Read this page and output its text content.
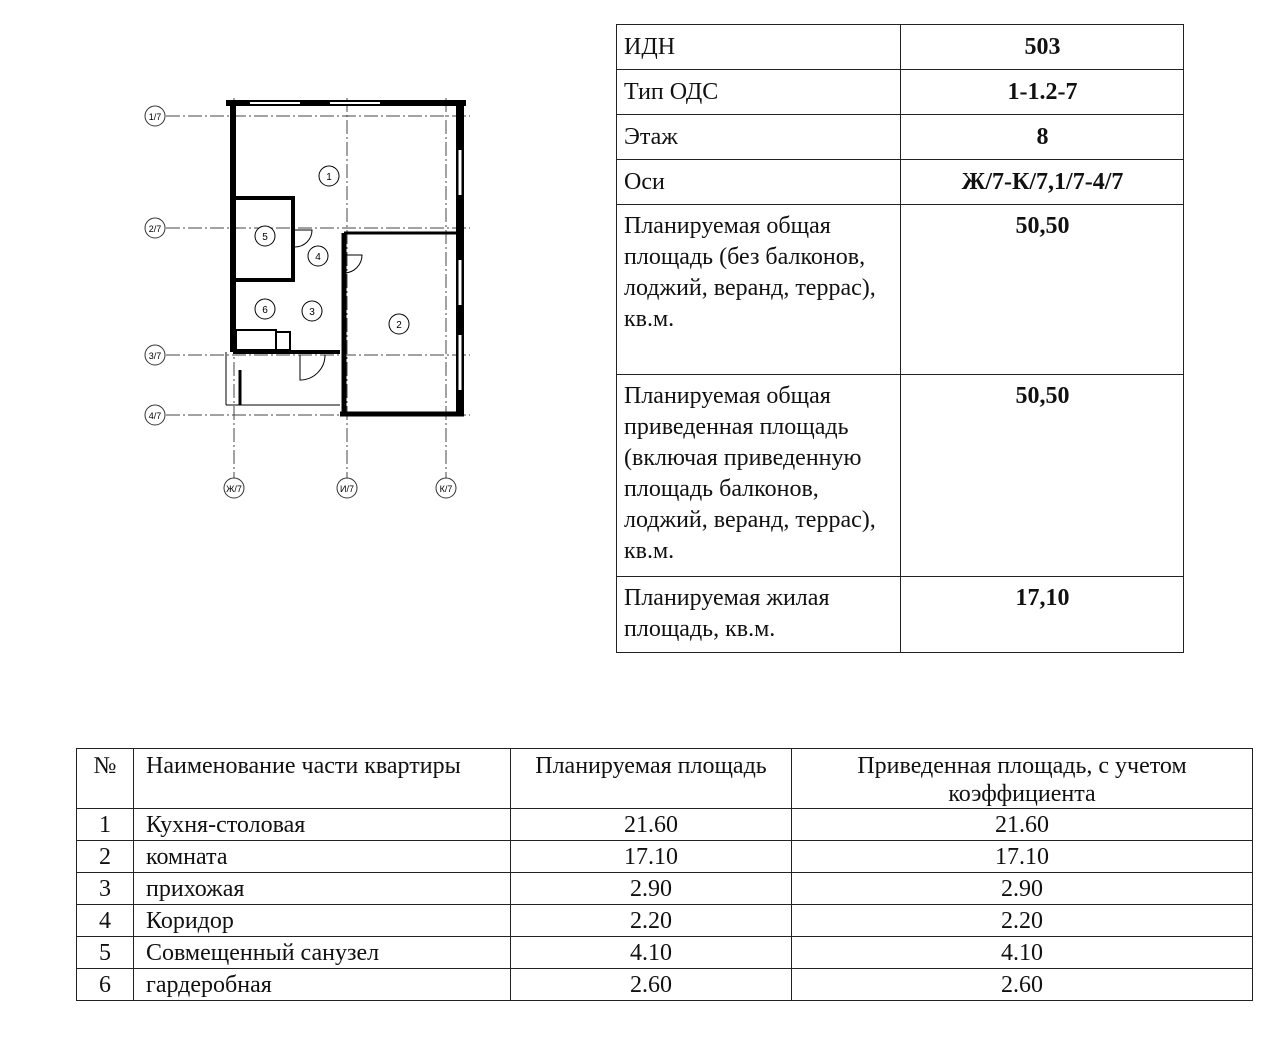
1/7
2/7
3/7
4/7
Ж/7	И/7	К/7
1
2
3
4
5
6
ИДН	503
Тип ОДС	1-1.2-7
Этаж	8
Оси	Ж/7-К/7,1/7-4/7
Планируемая общая площадь (без балконов, лоджий, веранд, террас), кв.м.	50,50
Планируемая общая приведенная площадь (включая приведенную площадь балконов, лоджий, веранд, террас), кв.м.	50,50
Планируемая жилая площадь, кв.м.	17,10
№	Наименование части квартиры	Планируемая площадь	Приведенная площадь, с учетом коэффициента
1	Кухня-столовая	21.60	21.60
2	комната	17.10	17.10
3	прихожая	2.90	2.90
4	Коридор	2.20	2.20
5	Совмещенный санузел	4.10	4.10
6	гардеробная	2.60	2.60
